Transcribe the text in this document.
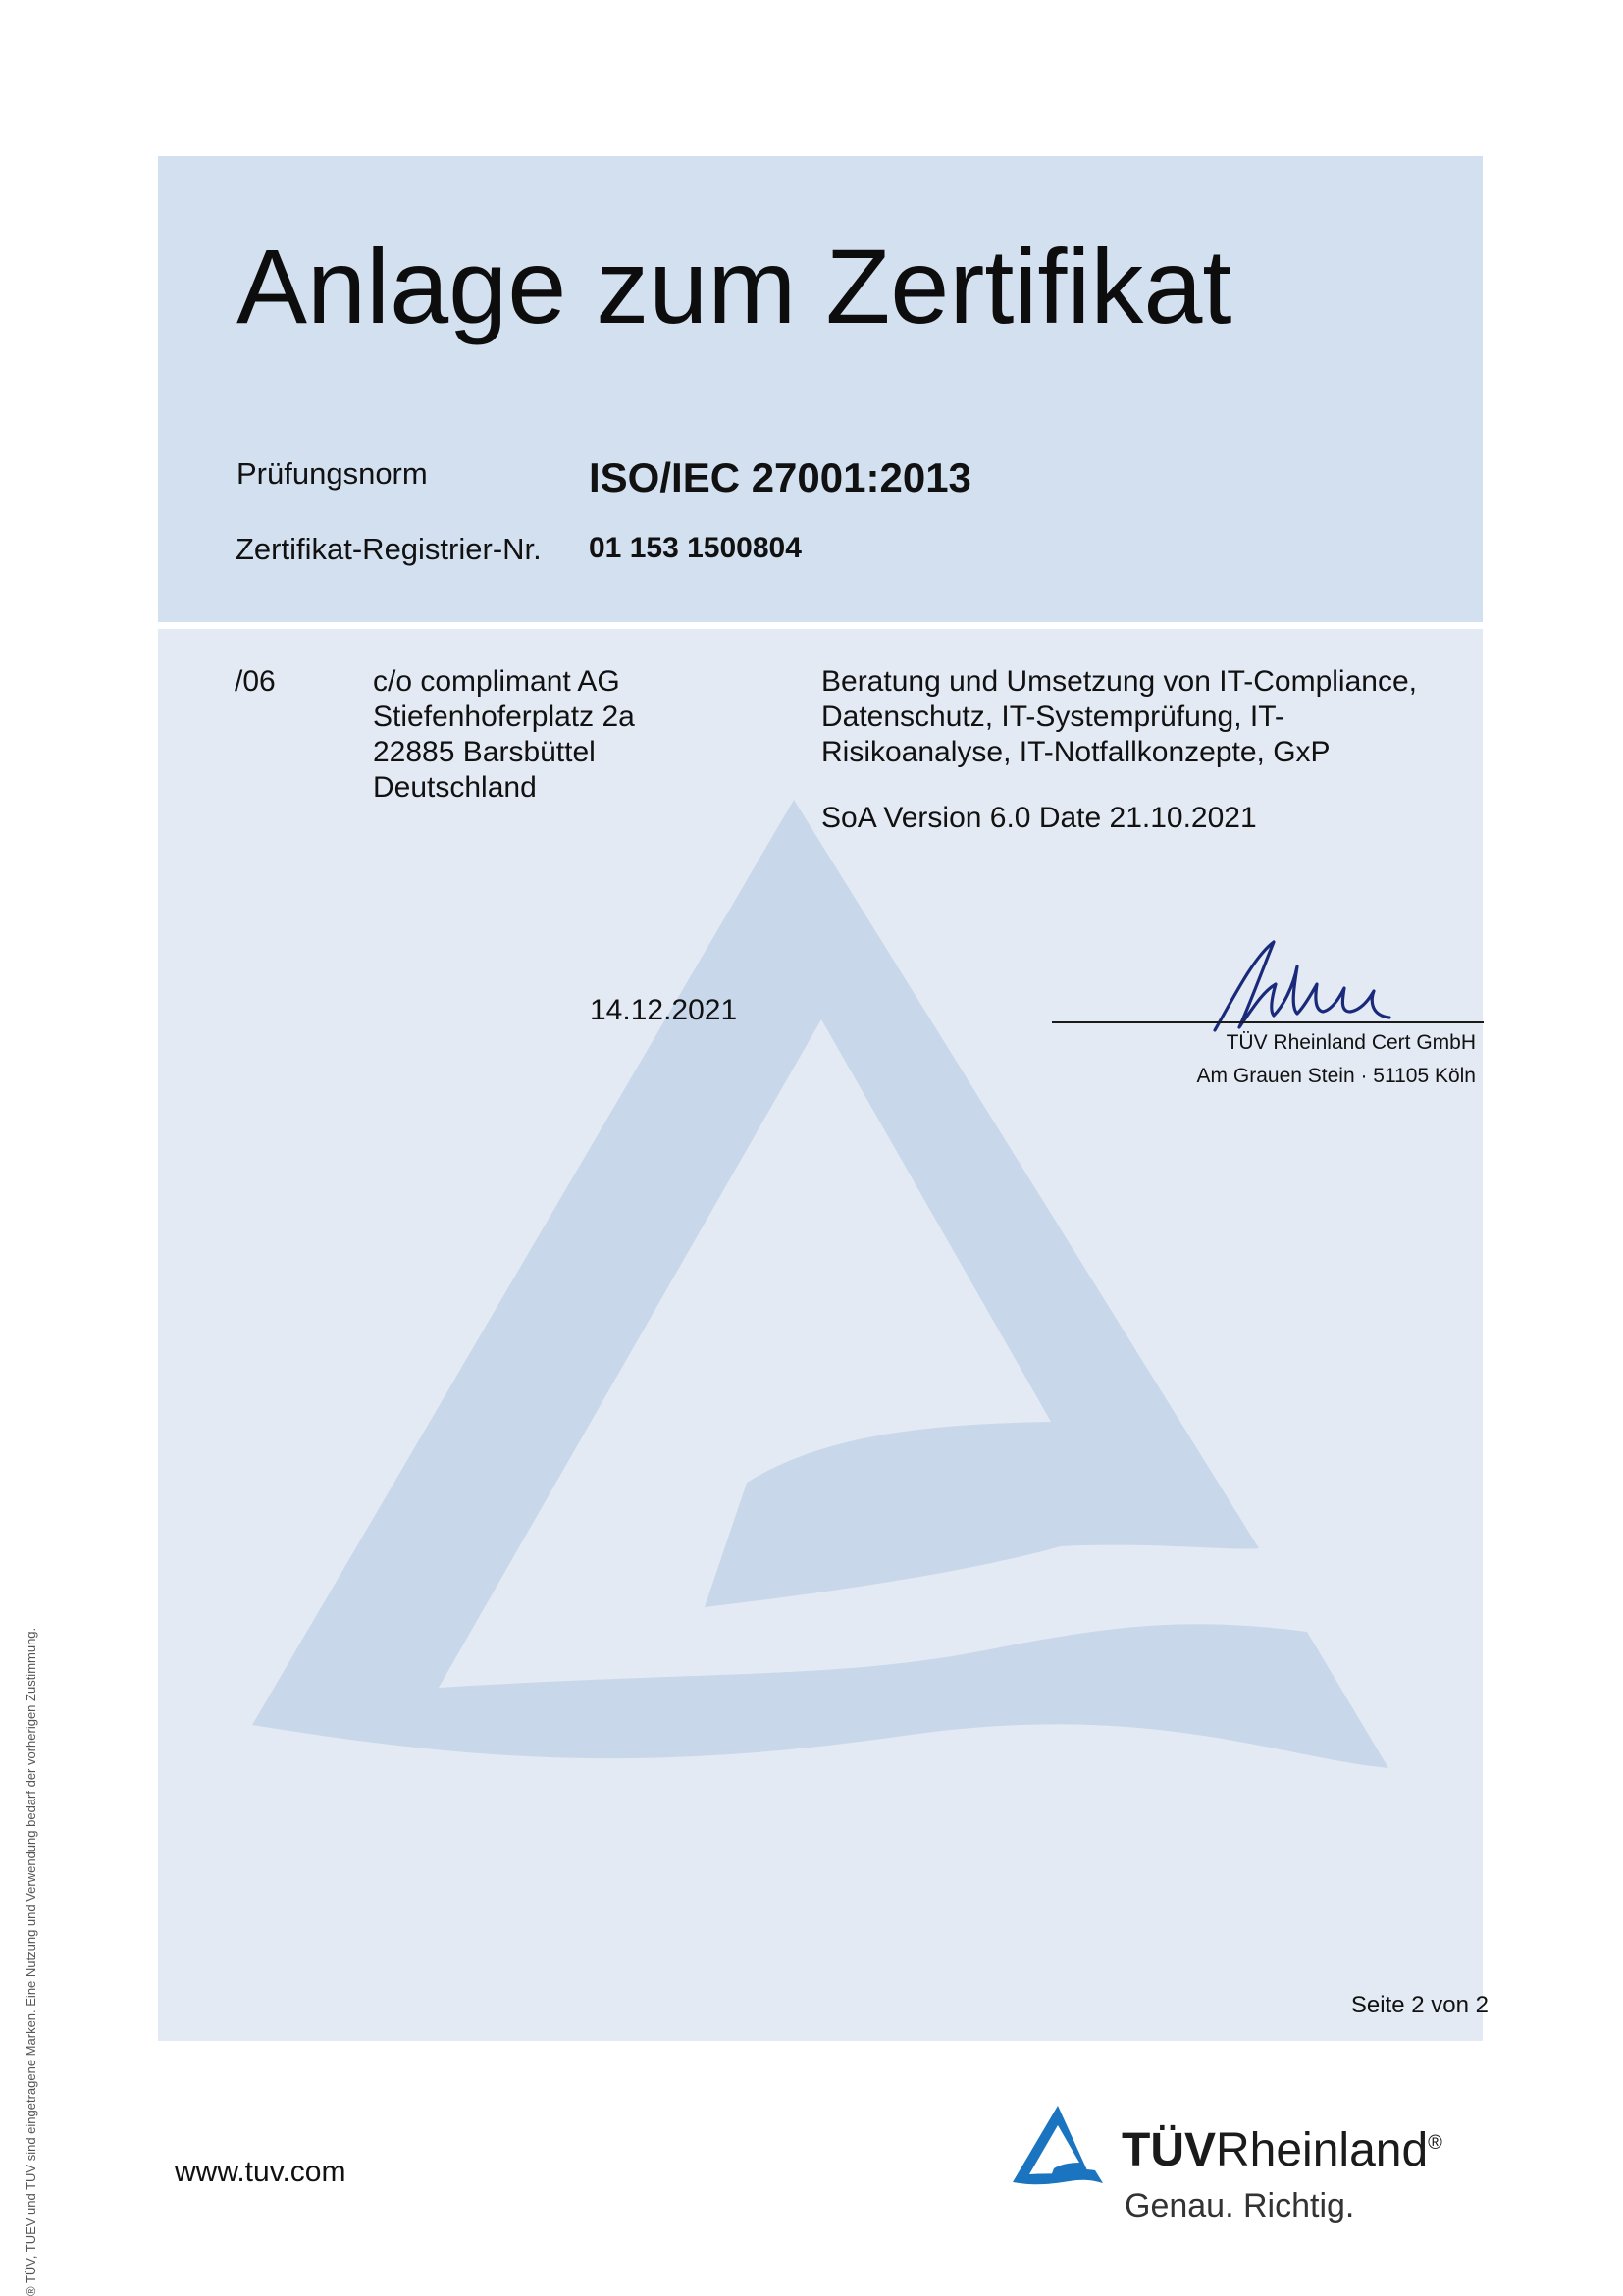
Anlage zum Zertifikat
Prüfungsnorm	ISO/IEC 27001:2013
Zertifikat-Registrier-Nr. 01 153 1500804
/06	c/o complimant AG
Stiefenhoferplatz 2a
22885 Barsbüttel
Deutschland
Beratung und Umsetzung von IT-Compliance,
Datenschutz, IT-Systemprüfung, IT-
Risikoanalyse, IT-Notfallkonzepte, GxP
SoA Version 6.0 Date 21.10.2021
14.12.2021
TÜV Rheinland Cert GmbH
Am Grauen Stein · 51105 Köln
Seite 2 von 2
www.tuv.com	TÜVRheinland®
Genau. Richtig.
® TÜV, TUEV und TUV sind eingetragene Marken. Eine Nutzung und Verwendung bedarf der vorherigen Zustimmung.
